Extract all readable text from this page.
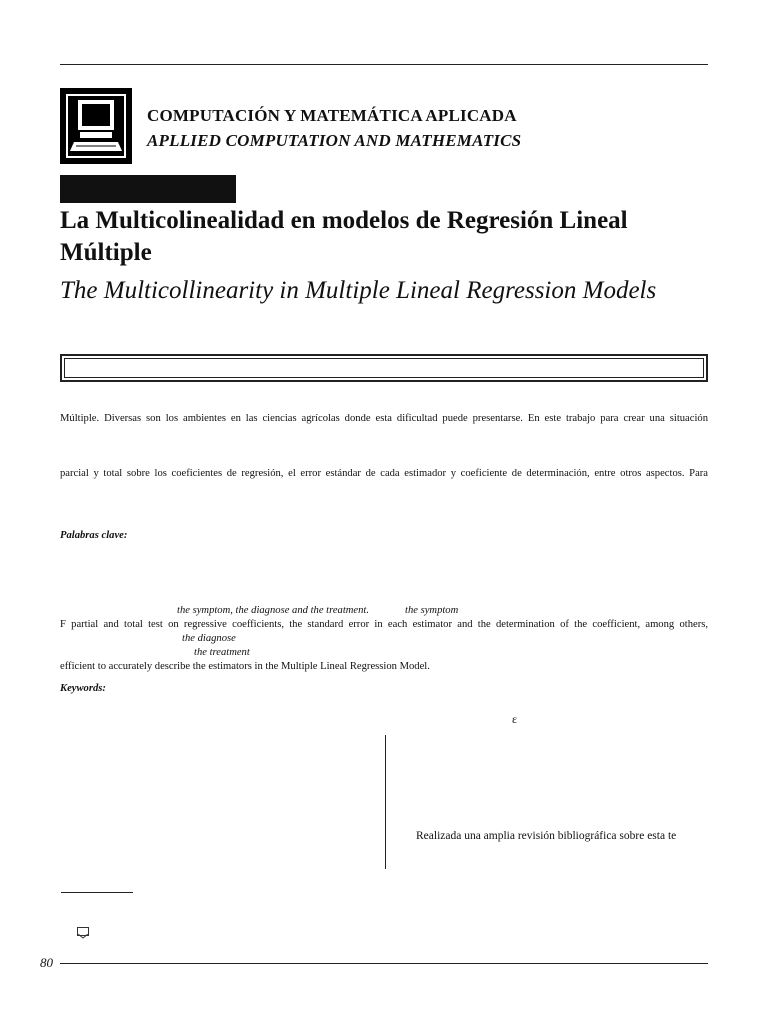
COMPUTACIÓN Y MATEMÁTICA APLICADA
APLLIED COMPUTATION AND MATHEMATICS
La Multicolinealidad en modelos de Regresión Lineal Múltiple
The Multicollinearity in Multiple Lineal Regression Models
Múltiple. Diversas son los ambientes en las ciencias agrícolas donde esta dificultad puede presentarse. En este trabajo para crear una situación
parcial y total sobre los coeficientes de regresión, el error estándar de cada estimador y coeficiente de determinación, entre otros aspectos. Para
Palabras clave:
the symptom, the diagnose and the treatment.	the symptom
F partial and total test on regressive coefficients, the standard error in each estimator and the determination of the coefficient, among others,
the diagnose
the treatment
efficient to accurately describe the estimators in the Multiple Lineal Regression Model.
Keywords:
ε
Realizada una amplia revisión bibliográfica sobre esta te
80
